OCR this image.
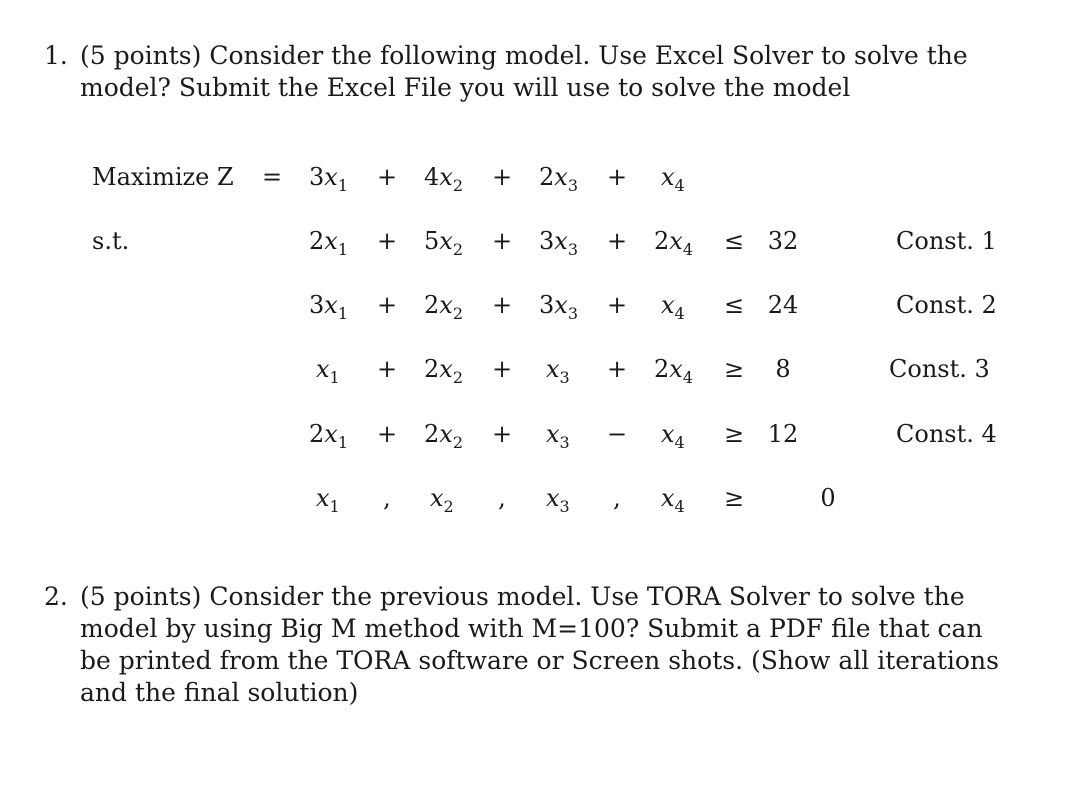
1. (5 points) Consider the following model. Use Excel Solver to solve the
model? Submit the Excel File you will use to solve the model
Maximize $Z = 3x_1 + 4x_2 + 2x_3 + x_4$
s.t.	$2x_1 + 5x_2 + 3x_3 + 2x_4 \le 32$	Const. 1
$3x_1 + 2x_2 + 3x_3 + x_4 \le 24$	Const. 2
$x_1 + 2x_2 + x_3 + 2x_4$ ≥	8	Const. 3
$2x_1 + 2x_2 + x_3 - x_4 \ge 12$	Const. 4
$x_1$	,	$x_2$	,	$x_3$	,	$x_4$ ≥	0
2. (5 points) Consider the previous model. Use TORA Solver to solve the
model by using Big M method with M=100? Submit a PDF file that can
be printed from the TORA software or Screen shots. (Show all iterations
and the final solution)
